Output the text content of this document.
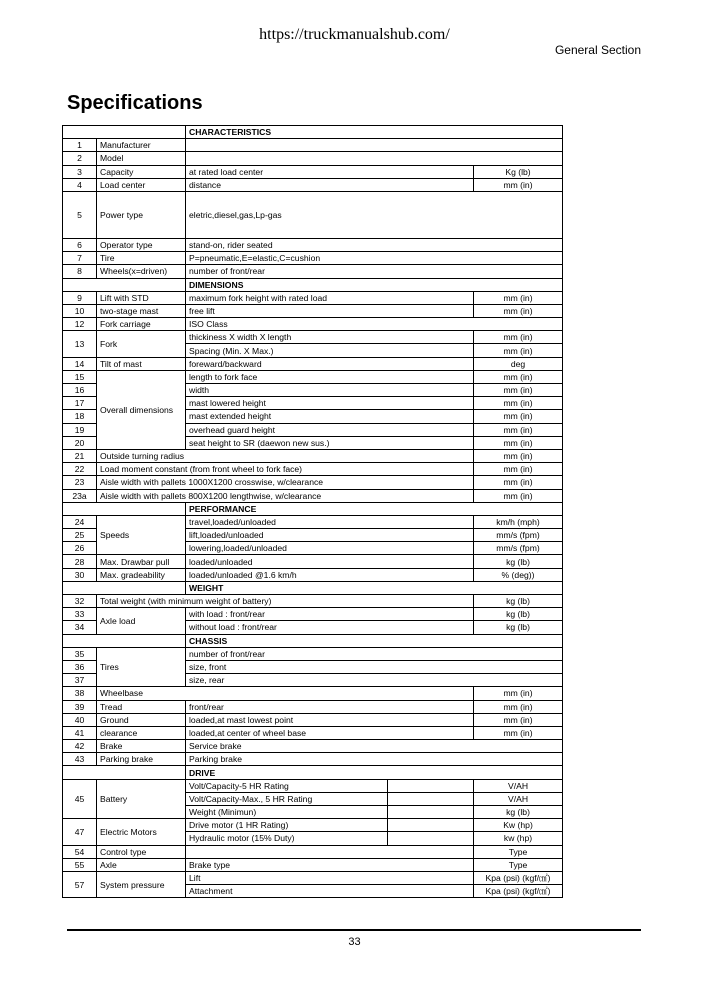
https://truckmanualshub.com/
General Section
Specifications
		CHARACTERISTICS		
1	Manufacturer			
2	Model			
3	Capacity	at rated load center		Kg (lb)
4	Load center	distance		mm (in)
5	Power type	eletric,diesel,gas,Lp-gas		
6	Operator type	stand-on, rider seated		
7	Tire	P=pneumatic,E=elastic,C=cushion		
8	Wheels(x=driven)	number of front/rear		
		DIMENSIONS		
9	Lift with STD	maximum fork height with rated load		mm (in)
10	two-stage mast	free lift		mm (in)
12	Fork carriage	ISO Class		
13	Fork	thickiness X width X length		mm (in)
		Spacing (Min. X Max.)		mm (in)
14	Tilt of mast	foreward/backward		deg
15	Overall dimensions	length to fork face		mm (in)
16		width		mm (in)
17		mast lowered height		mm (in)
18		mast extended height		mm (in)
19		overhead guard height		mm (in)
20		seat height to SR (daewon new sus.)		mm (in)
21	Outside turning radius			mm (in)
22	Load moment constant (from front wheel to fork face)			mm (in)
23	Aisle width with pallets 1000X1200 crosswise, w/clearance			mm (in)
23a	Aisle width with pallets 800X1200 lengthwise, w/clearance			mm (in)
		PERFORMANCE		
24	Speeds	travel,loaded/unloaded		km/h (mph)
25		lift,loaded/unloaded		mm/s (fpm)
26		lowering,loaded/unloaded		mm/s (fpm)
28	Max. Drawbar pull	loaded/unloaded		kg (lb)
30	Max. gradeability	loaded/unloaded @1.6 km/h		% (deg))
		WEIGHT		
32	Total weight (with minimum weight of battery)			kg (lb)
33	Axle load	with load : front/rear		kg (lb)
34		without load : front/rear		kg (lb)
		CHASSIS		
35	Tires	number of front/rear		
36		size, front		
37		size, rear		
38	Wheelbase			mm (in)
39	Tread	front/rear		mm (in)
40	Ground	loaded,at mast lowest point		mm (in)
41	clearance	loaded,at center of wheel base		mm (in)
42	Brake	Service brake		
43	Parking brake	Parking brake		
		DRIVE		
45	Battery	Volt/Capacity-5 HR Rating		V/AH
		Volt/Capacity-Max., 5 HR Rating		V/AH
		Weight (Minimun)		kg (lb)
47	Electric Motors	Drive motor (1 HR Rating)		Kw (hp)
		Hydraulic motor (15% Duty)		kw (hp)
54	Control type			Type
55	Axle	Brake type		Type
57	System pressure	Lift		Kpa (psi) (kgf/㎠)
		Attachment		Kpa (psi) (kgf/㎠)
33
